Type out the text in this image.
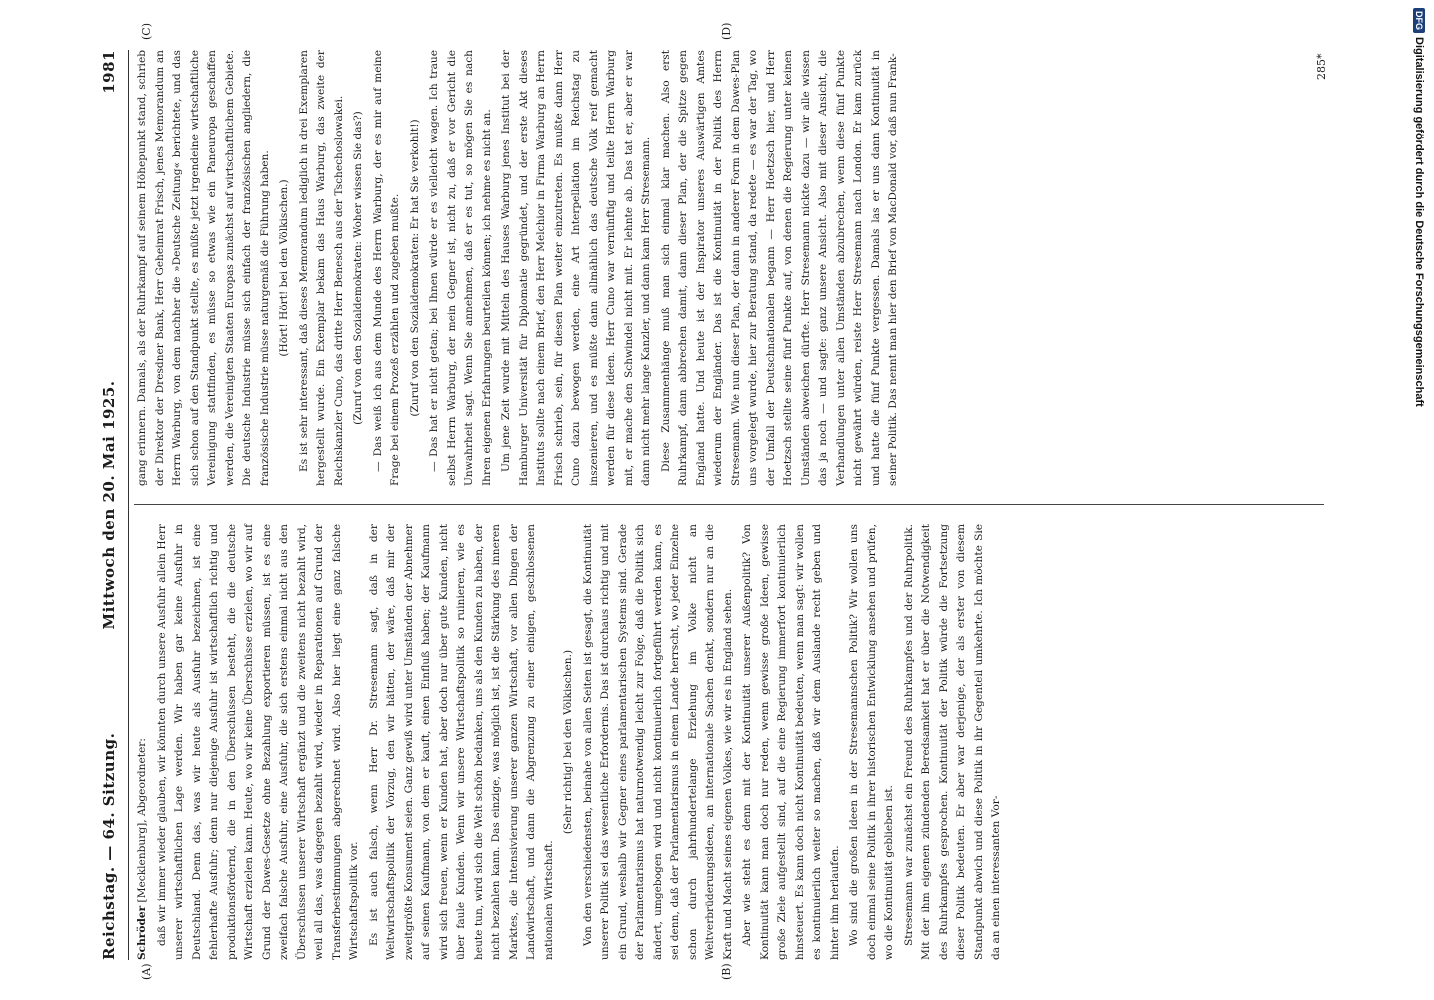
Reichstag. — 64. Sitzung.
Mittwoch den 20. Mai 1925.
1981
(A)	(B)
(C)	(D)

Schröder [Mecklenburg], Abgeordneter: daß wir immer wieder glauben, wir könnten durch unsere Ausfuhr allein Herr unserer wirtschaftlichen Lage werden. Wir haben gar keine Ausfuhr in Deutschland. Denn das, was wir heute als Ausfuhr bezeichnen, ist eine fehlerhafte Ausfuhr; denn nur diejenige Ausfuhr ist wirtschaftlich richtig und produktionsfördernd, die in den Überschüssen besteht, die die deutsche Wirtschaft erzielen kann. Heute, wo wir keine Überschüsse erzielen, wo wir auf Grund der Dawes-Gesetze ohne Bezahlung exportieren müssen, ist es eine zweifach falsche Ausfuhr, eine Ausfuhr, die sich erstens einmal nicht aus den Überschüssen unserer Wirtschaft ergänzt und die zweitens nicht bezahlt wird, weil all das, was dagegen bezahlt wird, wieder in Reparationen auf Grund der Transferbestimmungen abgerechnet wird. Also hier liegt eine ganz falsche Wirtschaftspolitik vor. Es ist auch falsch, wenn Herr Dr. Stresemann sagt, daß in der Weltwirtschaftspolitik der Vorzug, den wir hätten, der wäre, daß mir der zweitgrößte Konsument seien. Ganz gewiß wird unter Umständen der Abnehmer auf seinen Kaufmann, von dem er kauft, einen Einfluß haben; der Kaufmann wird sich freuen, wenn er Kunden hat, aber doch nur über gute Kunden, nicht über faule Kunden. Wenn wir unsere Wirtschaftspolitik so ruinieren, wie es heute tun, wird sich die Welt schön bedanken, uns als den Kunden zu haben, der nicht bezahlen kann. Das einzige, was möglich ist, ist die Stärkung des inneren Marktes, die Intensivierung unserer ganzen Wirtschaft, vor allen Dingen der Landwirtschaft, und dann die Abgrenzung zu einer einigen, geschlossenen nationalen Wirtschaft.

(Sehr richtig! bei den Völkischen.) Von den verschiedensten, beinahe von allen Seiten ist gesagt, die Kontinuität unserer Politik sei das wesentliche Erfordernis. Das ist durchaus richtig und mit ein Grund, weshalb wir Gegner eines parlamentarischen Systems sind. Gerade der Parlamentarismus hat naturnotwendig leicht zur Folge, daß die Politik sich ändert, umgebogen wird und nicht kontinuierlich fortgeführt werden kann, es sei denn, daß der Parlamentarismus in einem Lande herrscht, wo jeder Einzelne schon durch jahrhundertelange Erziehung im Volke nicht an Weltverbrüderungsideen, an internationale Sachen denkt, sondern nur an die Kraft und Macht seines eigenen Volkes, wie wir es in England sehen. Aber wie steht es denn mit der Kontinuität unserer Außenpolitik? Von Kontinuität kann man doch nur reden, wenn gewisse große Ideen, gewisse große Ziele aufgestellt sind, auf die eine Regierung immerfort kontinuierlich hinsteuert. Es kann doch nicht Kontinuität bedeuten, wenn man sagt: wir wollen es kontinuierlich weiter so machen, daß wir dem Auslande recht geben und hinter ihm herlaufen. Wo sind die großen Ideen in der Stresemannschen Politik? Wir wollen uns doch einmal seine Politik in ihrer historischen Entwicklung ansehen und prüfen, wo die Kontinuität geblieben ist. Stresemann war zunächst ein Freund des Ruhrkampfes und der Ruhrpolitik. Mit der ihm eigenen zündenden Beredsamkeit hat er über die Notwendigkeit des Ruhrkampfes gesprochen. Kontinuität der Politik würde die Fortsetzung dieser Politik bedeuten. Er aber war derjenige, der als erster von diesem Standpunkt abwich und diese Politik in ihr Gegenteil umkehrte. Ich möchte Sie da an einen interessanten Vor-

gang erinnern. Damals, als der Ruhrkampf auf seinem Höhepunkt stand, schrieb der Direktor der Dresdner Bank, Herr Geheimrat Frisch, jenes Memorandum an Herrn Warburg, von dem nachher die »Deutsche Zeitung« berichtete, und das sich schon auf den Standpunkt stellte, es müßte jetzt irgendeine wirtschaftliche Vereinigung stattfinden, es müsse so etwas wie ein Paneuropa geschaffen werden, die Vereinigten Staaten Europas zunächst auf wirtschaftlichem Gebiete. Die deutsche Industrie müsse sich einfach der französischen angliedern, die französische Industrie müsse naturgemäß die Führung haben. (Hört! Hört! bei den Völkischen.) Es ist sehr interessant, daß dieses Memorandum lediglich in drei Exemplaren hergestellt wurde. Ein Exemplar bekam das Haus Warburg, das zweite der Reichskanzler Cuno, das dritte Herr Benesch aus der Tschechoslowakei. (Zuruf von den Sozialdemokraten: Woher wissen Sie das?) — Das weiß ich aus dem Munde des Herrn Warburg, der es mir auf meine Frage bei einem Prozeß erzählen und zugeben mußte. (Zuruf von den Sozialdemokraten: Er hat Sie verkohlt!) — Das hat er nicht getan; bei Ihnen würde er es vielleicht wagen. Ich traue selbst Herrn Warburg, der mein Gegner ist, nicht zu, daß er vor Gericht die Unwahrheit sagt. Wenn Sie annehmen, daß er es tut, so mögen Sie es nach Ihren eigenen Erfahrungen beurteilen können; ich nehme es nicht an. Um jene Zeit wurde mit Mitteln des Hauses Warburg jenes Institut bei der Hamburger Universität für Diplomatie gegründet, und der erste Akt dieses Instituts sollte nach einem Brief, den Herr Melchior in Firma Warburg an Herrn Frisch schrieb, sein, für diesen Plan weiter einzutreten. Es mußte dann Herr Cuno dazu bewogen werden, eine Art Interpellation im Reichstag zu inszenieren, und es müßte dann allmählich das deutsche Volk reif gemacht werden für diese Ideen. Herr Cuno war vernünftig und teilte Herrn Warburg mit, er mache den Schwindel nicht mit. Er lehnte ab. Das tat er, aber er war dann nicht mehr lange Kanzler, und dann kam Herr Stresemann. Diese Zusammenhänge muß man sich einmal klar machen. Also erst Ruhrkampf, dann abbrechen damit, dann dieser Plan, der die Spitze gegen England hatte. Und heute ist der Inspirator unseres Auswärtigen Amtes wiederum der Engländer. Das ist die Kontinuität in der Politik des Herrn Stresemann. Wie nun dieser Plan, der dann in anderer Form in dem Dawes-Plan uns vorgelegt wurde, hier zur Beratung stand, da redete — es war der Tag, wo der Umfall der Deutschnationalen begann — Herr Hoetzsch hier, und Herr Hoetzsch stellte seine fünf Punkte auf, von denen die Regierung unter keinen Umständen abweichen dürfte. Herr Stresemann nickte dazu — wir alle wissen das ja noch — und sagte: ganz unsere Ansicht. Also mit dieser Ansicht, die Verhandlungen unter allen Umständen abzubrechen, wenn diese fünf Punkte nicht gewährt würden, reiste Herr Stresemann nach London. Er kam zurück und hatte die fünf Punkte vergessen. Damals las er uns dann Kontinuität in seiner Politik. Das nennt man hier den Brief von MacDonald vor, daß nun Frank-	285*
DFG
Digitalisierung gefördert durch die Deutsche Forschungsgemeinschaft
